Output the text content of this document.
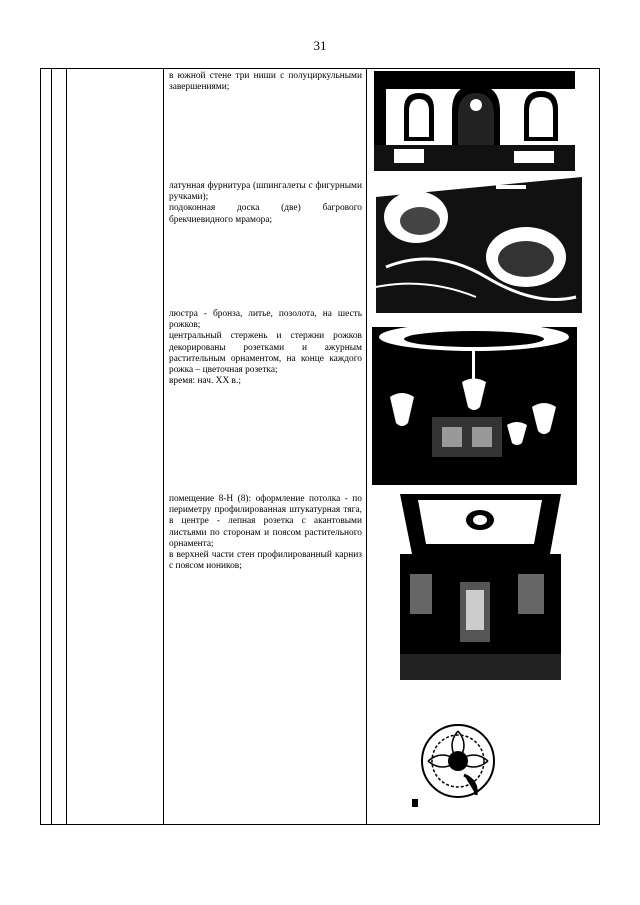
31

в южной стене три ниши с полуциркульными завершениями;

латунная фурнитура (шпингалеты с фигурными ручками);

подоконная доска (две) багрового брекчиевидного мрамора;

люстра - бронза, литье, позолота, на шесть рожков;

центральный стержень и стержни рожков декорированы розетками и ажурным растительным орнаментом, на конце каждого рожка – цветочная розетка;

время: нач. XX в.;

помещение 8-Н (8): оформление потолка - по периметру профилированная штукатурная тяга, в центре - лепная розетка с акантовыми листьями по сторонам и поясом растительного орнамента;

в верхней части стен профилированный карниз с поясом иоников;
